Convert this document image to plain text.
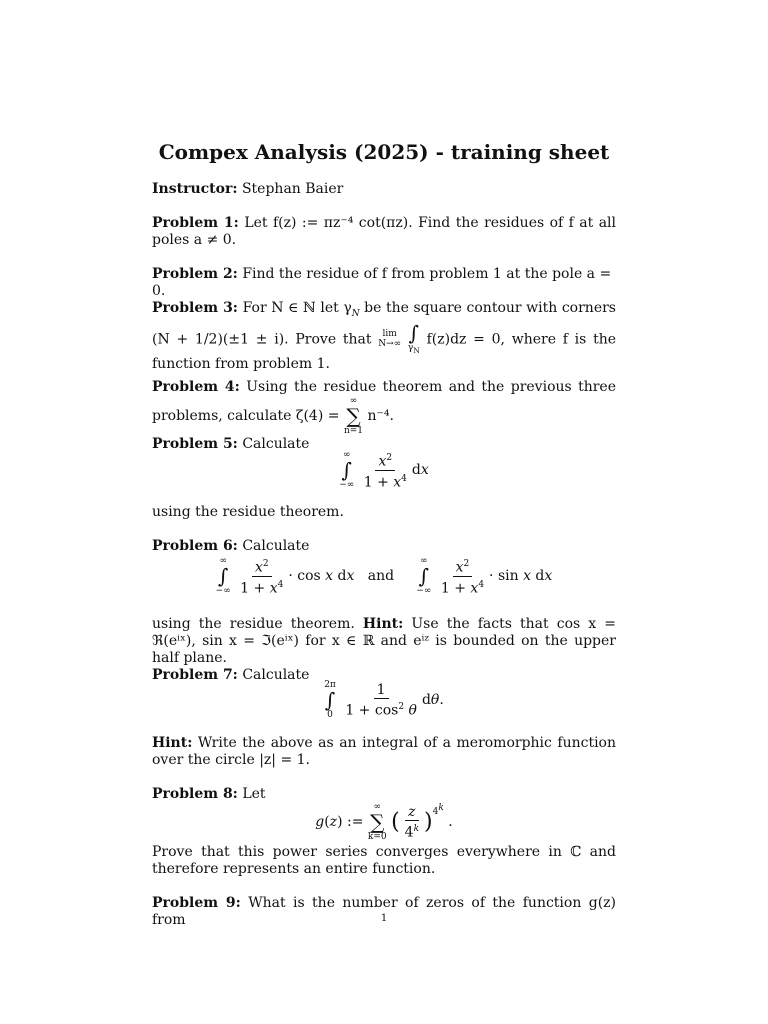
Compex Analysis (2025) - training sheet
Instructor: Stephan Baier
Problem 1: Let f(z) := πz⁻⁴ cot(πz). Find the residues of f at all poles a ≠ 0.
Problem 2: Find the residue of f from problem 1 at the pole a = 0.
Problem 3: For N ∈ ℕ let $\gamma_N$ be the square contour with corners (N + 1/2)(±1 ± i). Prove that lim
N→∞
∫
$\gamma_N$
f(z)dz = 0, where f is the function from problem 1.
Problem 4: Using the residue theorem and the previous three problems, calculate ζ(4) =
∞
∑
n=1
n⁻⁴.
Problem 5: Calculate
∞
∫
−∞
$\frac{x^2}{1 + x^4}$ dx
using the residue theorem.
Problem 6: Calculate
∞
∫
−∞
$\frac{x^2}{1 + x^4} \cdot \cos x$ dx and
∞
∫
−∞
$\frac{x^2}{1 + x^4} \cdot \sin x$ dx
using the residue theorem. Hint: Use the facts that cos x = ℜ(eⁱˣ), sin x = ℑ(eⁱˣ) for x ∈ ℝ and eⁱᶻ is bounded on the upper half plane.
Problem 7: Calculate
2π
∫
0
$\frac{1}{1 + \cos^2 \theta} d\theta$.
Hint: Write the above as an integral of a meromorphic function over the circle |z| = 1.
Problem 8: Let
g(z) :=
∞
∑
k=0
( $\frac{z}{4^k} )^{4^k}$ .
Prove that this power series converges everywhere in ℂ and therefore represents an entire function.
Problem 9: What is the number of zeros of the function g(z) from	1
